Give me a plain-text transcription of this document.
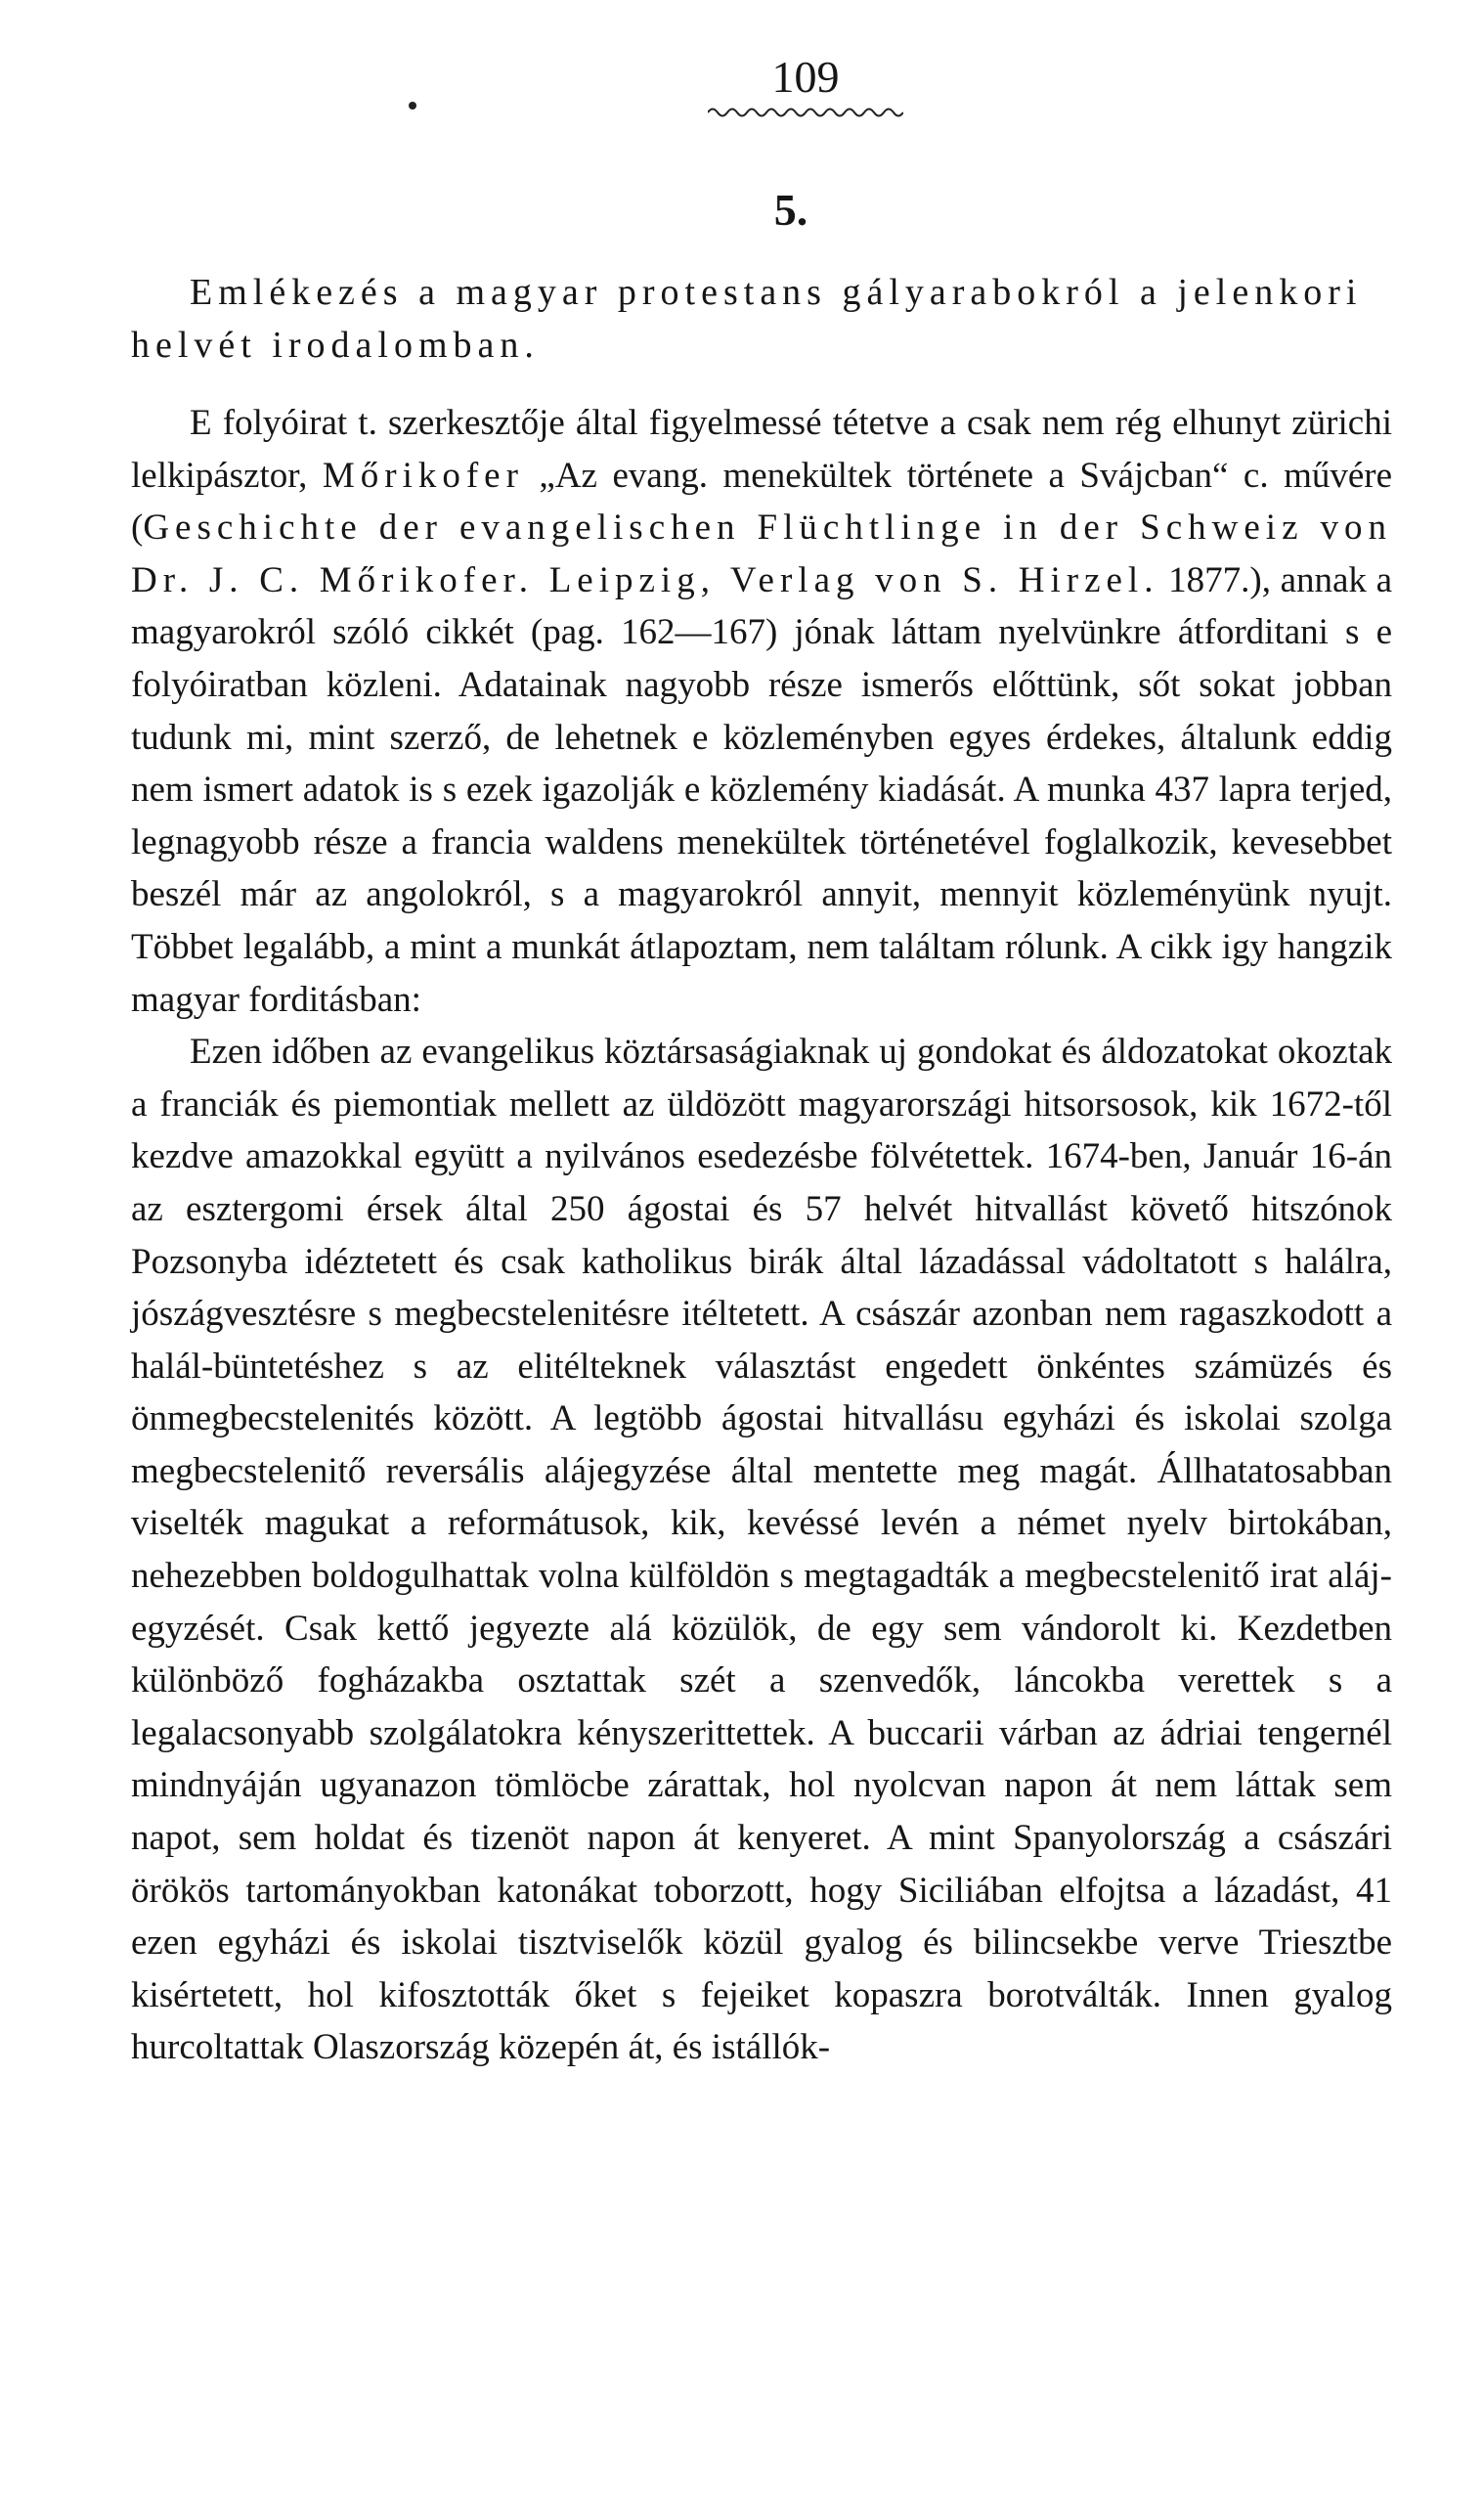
109
5.
Emlékezés a magyar protestans gályarabokról a jelenkori helvét irodalomban.

E folyóirat t. szerkesztője által figyelmessé tétetve a csak nem rég elhunyt zürichi lelkipásztor, Mőrikofer „Az evang. menekültek története a Svájcban“ c. művére (Geschichte der evangelischen Flüchtlinge in der Schweiz von Dr. J. C. Mőrikofer. Leipzig, Verlag von S. Hirzel. 1877.), annak a magyarokról szóló cikkét (pag. 162—167) jónak láttam nyelvünkre átforditani s e folyóiratban közleni. Adatainak nagyobb része ismerős előttünk, sőt sokat jobban tudunk mi, mint szerző, de lehetnek e közleményben egyes érdekes, általunk eddig nem ismert adatok is s ezek igazolják e közlemény kiadását. A munka 437 lapra terjed, legnagyobb része a francia waldens menekültek történetével foglalkozik, kevesebbet beszél már az angolokról, s a magyarokról annyit, mennyit közleményünk nyujt. Többet legalább, a mint a munkát átlapoztam, nem találtam rólunk. A cikk igy hangzik magyar forditásban:

Ezen időben az evangelikus köztársaságiaknak uj gondokat és áldozatokat okoztak a franciák és piemontiak mellett az üldözött magyarországi hitsorsosok, kik 1672-től kezdve amazokkal együtt a nyilvános esedezésbe fölvétettek. 1674-ben, Január 16-án az esztergomi érsek által 250 ágostai és 57 helvét hitvallást követő hitszónok Pozsonyba idéztetett és csak katholikus birák által lázadással vádoltatott s halálra, jószágvesztésre s megbecstelenitésre itéltetett. A császár azonban nem ragaszkodott a halál-büntetéshez s az elitélteknek választást engedett önkéntes számüzés és önmegbecstelenités között. A legtöbb ágostai hitvallásu egyházi és iskolai szolga megbecstelenitő reversális alájegyzése által mentette meg magát. Állhatatosabban viselték magukat a reformátusok, kik, kevéssé levén a német nyelv birtokában, nehezebben boldogulhattak volna külföldön s megtagadták a megbecstelenitő irat alájegyzését. Csak kettő jegyezte alá közülök, de egy sem vándorolt ki. Kezdetben különböző fogházakba osztattak szét a szenvedők, láncokba verettek s a legalacsonyabb szolgálatokra kényszerittettek. A buccarii várban az ádriai tengernél mindnyáján ugyanazon tömlöcbe zárattak, hol nyolcvan napon át nem láttak sem napot, sem holdat és tizenöt napon át kenyeret. A mint Spanyolország a császári örökös tartományokban katonákat toborzott, hogy Siciliában elfojtsa a lázadást, 41 ezen egyházi és iskolai tisztviselők közül gyalog és bilincsekbe verve Triesztbe kisértetett, hol kifosztották őket s fejeiket kopaszra borotválták. Innen gyalog hurcoltattak Olaszország közepén át, és istállók-
